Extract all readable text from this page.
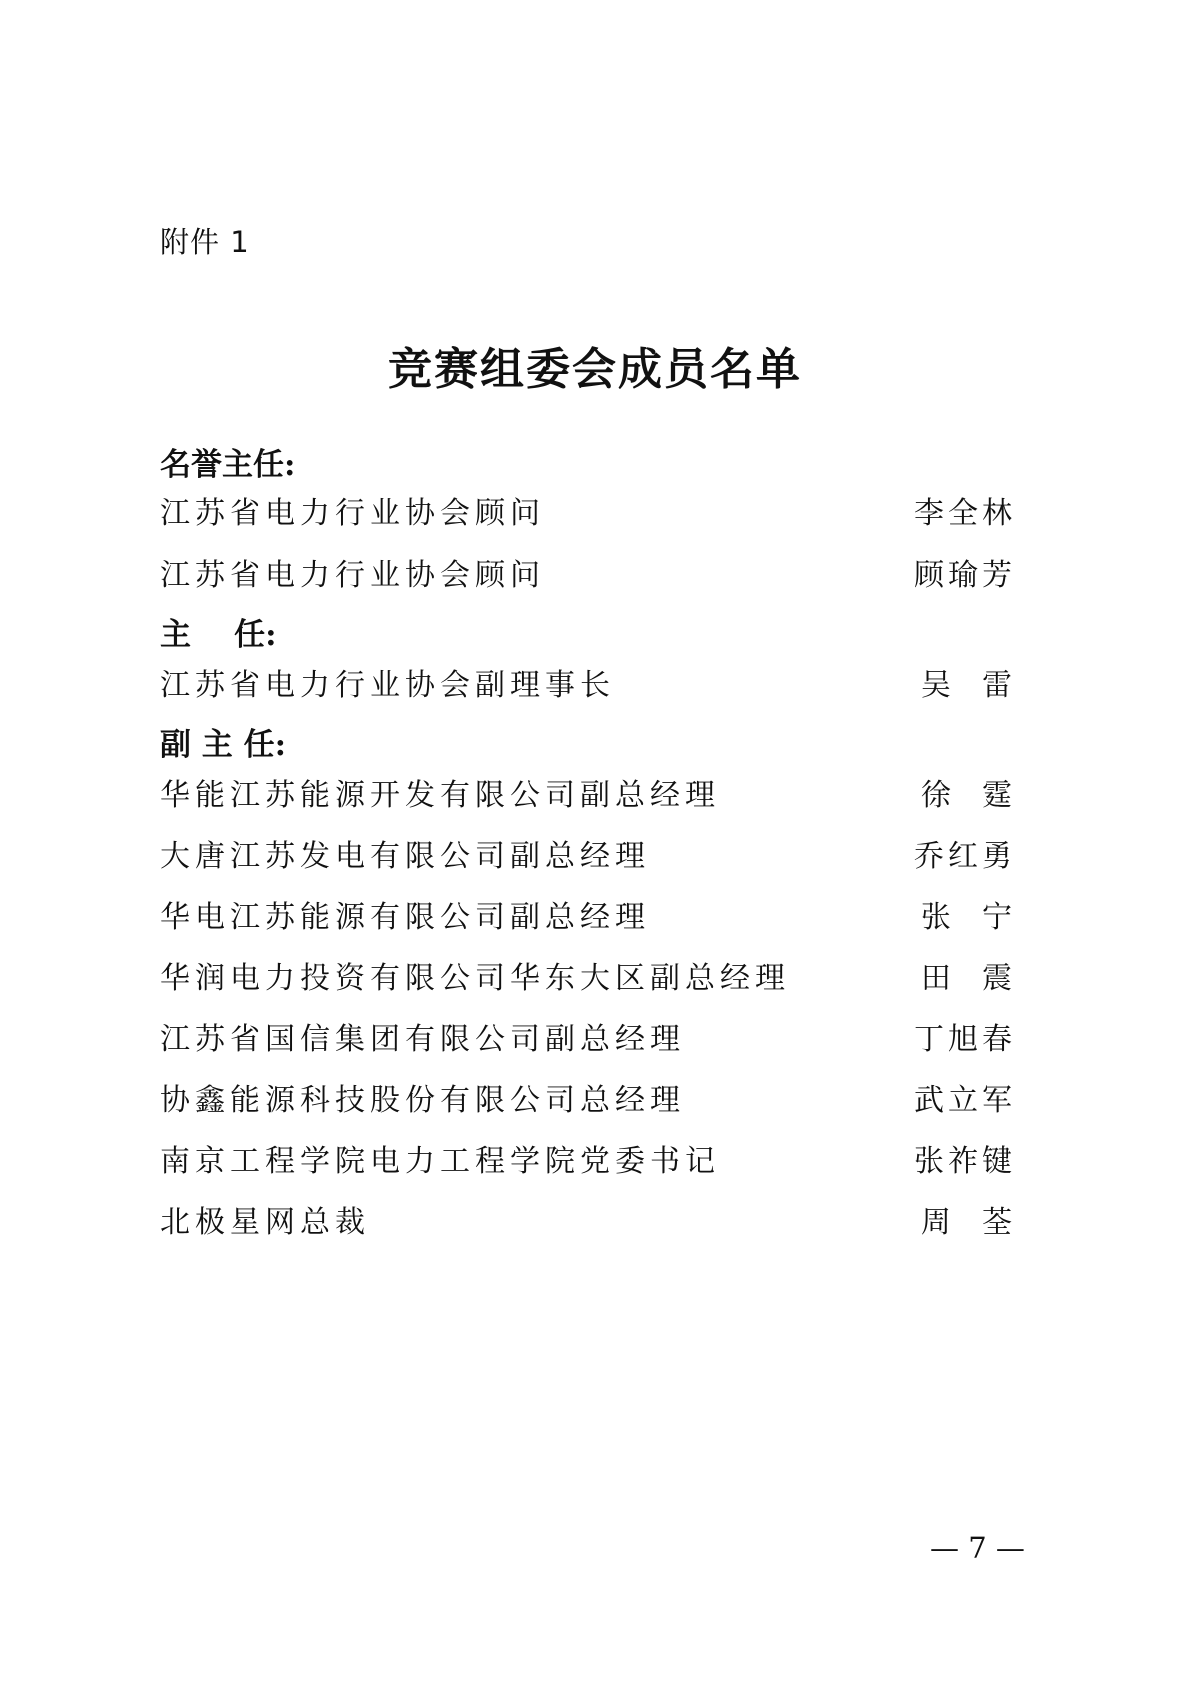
附件 1
竞赛组委会成员名单
名誉主任:
江苏省电力行业协会顾问	李全林
江苏省电力行业协会顾问	顾瑜芳
主    任:
江苏省电力行业协会副理事长	吴  雷
副 主 任:
华能江苏能源开发有限公司副总经理	徐  霆
大唐江苏发电有限公司副总经理	乔红勇
华电江苏能源有限公司副总经理	张  宁
华润电力投资有限公司华东大区副总经理	田  震
江苏省国信集团有限公司副总经理	丁旭春
协鑫能源科技股份有限公司总经理	武立军
南京工程学院电力工程学院党委书记	张祚键
北极星网总裁	周  荃
— 7 —
